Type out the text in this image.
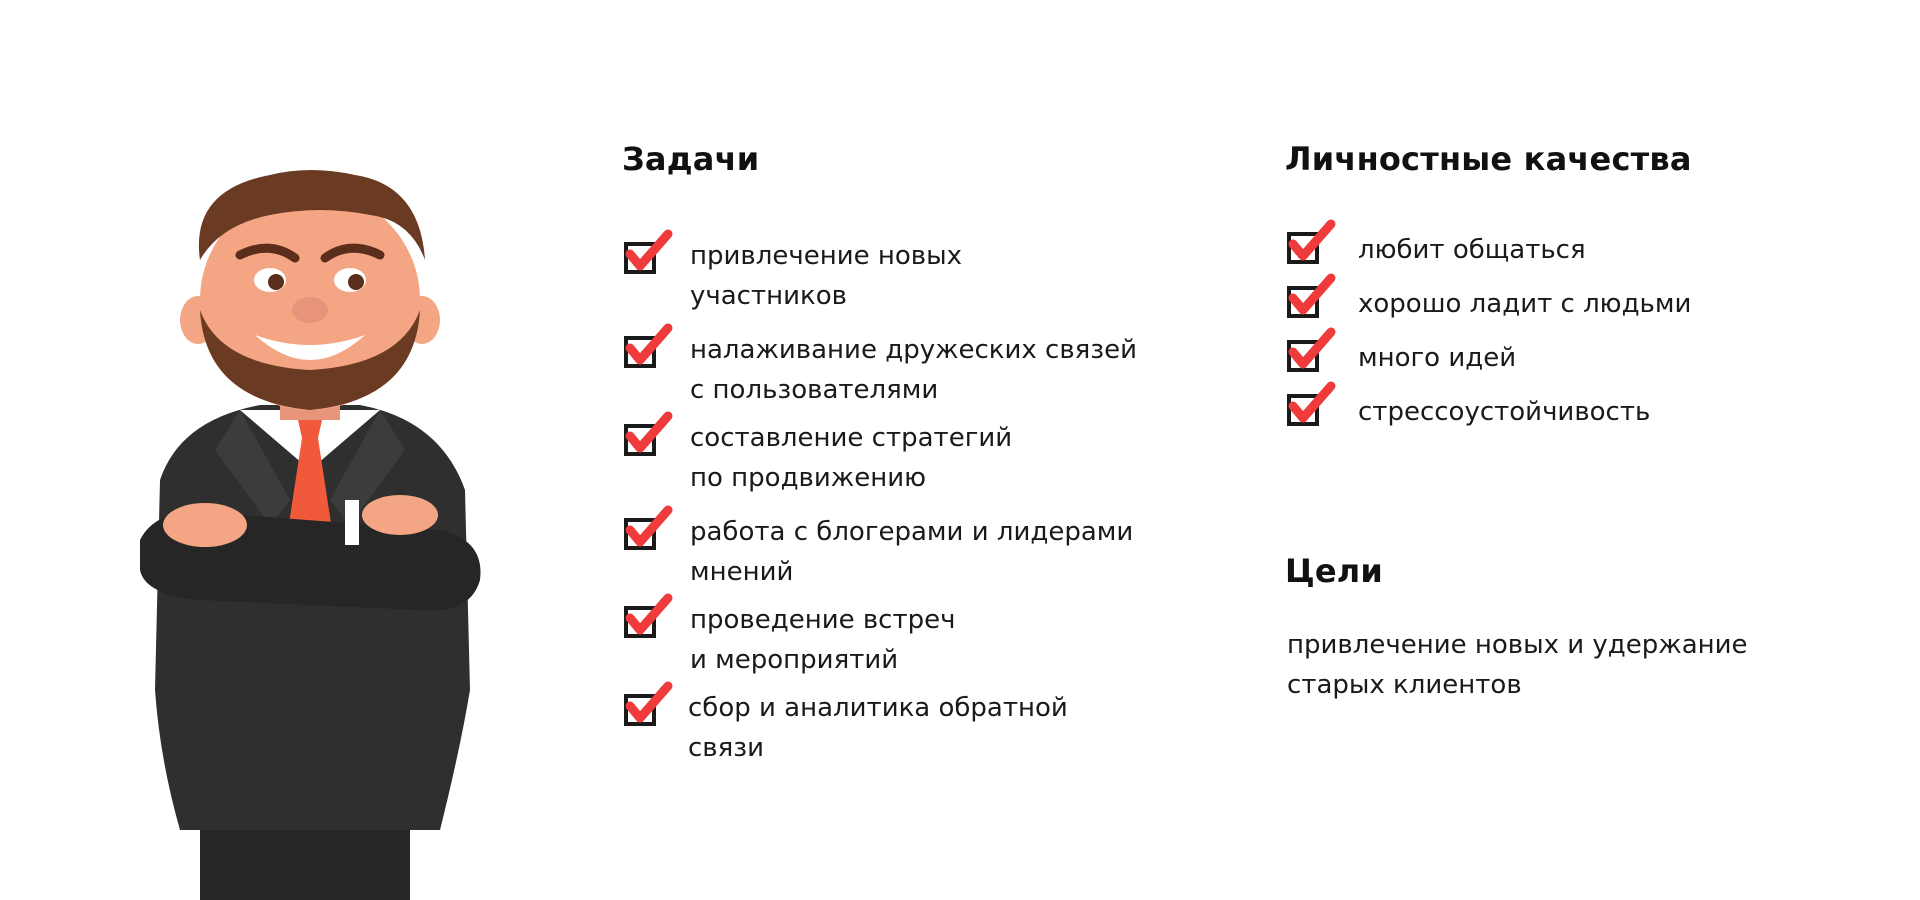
Задачи
привлечение новых
участников
налаживание дружеских связей
с пользователями
составление стратегий
по продвижению
работа с блогерами и лидерами
мнений
проведение встреч
и мероприятий
сбор и аналитика обратной
связи
Личностные качества
любит общаться
хорошо ладит с людьми
много идей
стрессоустойчивость
Цели

привлечение новых и удержание

старых клиентов
